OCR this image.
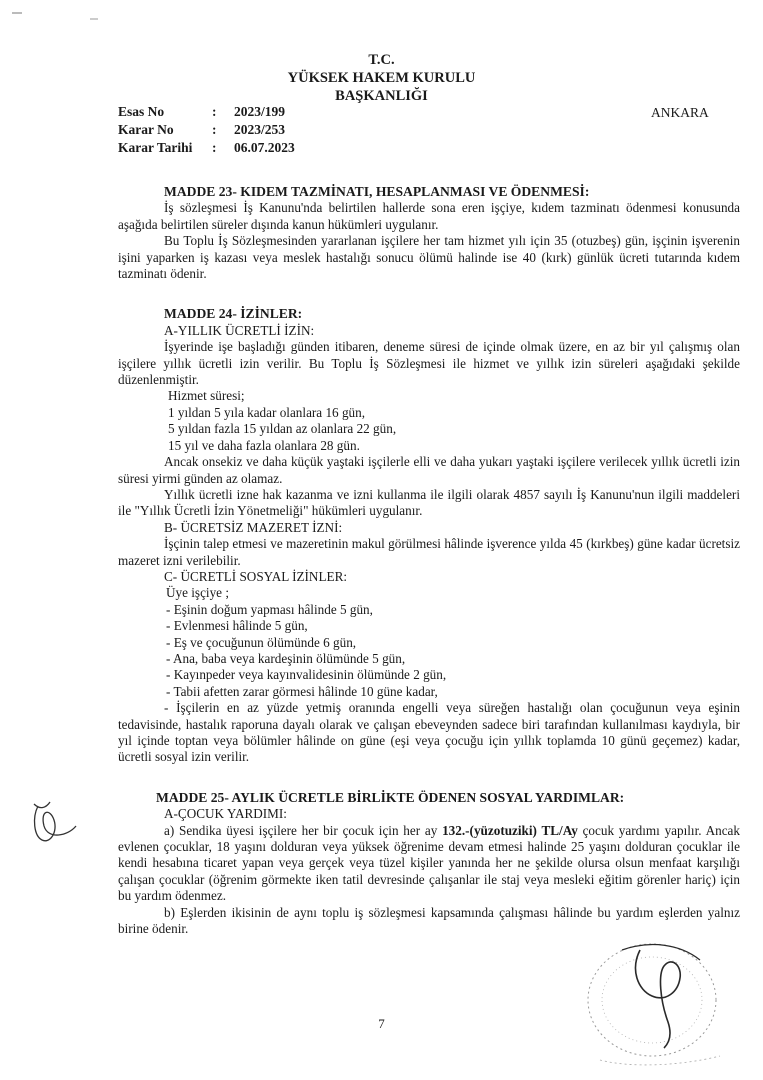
T.C.
YÜKSEK HAKEM KURULU
BAŞKANLIĞI
Esas No	: 2023/199
Karar No	: 2023/253
Karar Tarihi : 06.07.2023
ANKARA

MADDE 23- KIDEM TAZMİNATI, HESAPLANMASI VE ÖDENMESİ:

İş sözleşmesi İş Kanunu'nda belirtilen hallerde sona eren işçiye, kıdem tazminatı ödenmesi konusunda aşağıda belirtilen süreler dışında kanun hükümleri uygulanır.

Bu Toplu İş Sözleşmesinden yararlanan işçilere her tam hizmet yılı için 35 (otuzbeş) gün, işçinin işverenin işini yaparken iş kazası veya meslek hastalığı sonucu ölümü halinde ise 40 (kırk) günlük ücreti tutarında kıdem tazminatı ödenir.

MADDE 24- İZİNLER:

A-YILLIK ÜCRETLİ İZİN:

İşyerinde işe başladığı günden itibaren, deneme süresi de içinde olmak üzere, en az bir yıl çalışmış olan işçilere yıllık ücretli izin verilir. Bu Toplu İş Sözleşmesi ile hizmet ve yıllık izin süreleri aşağıdaki şekilde düzenlenmiştir.

Hizmet süresi;

1 yıldan 5 yıla kadar olanlara 16 gün,

5 yıldan fazla 15 yıldan az olanlara 22 gün,

15 yıl ve daha fazla olanlara 28 gün.

Ancak onsekiz ve daha küçük yaştaki işçilerle elli ve daha yukarı yaştaki işçilere verilecek yıllık ücretli izin süresi yirmi günden az olamaz.

Yıllık ücretli izne hak kazanma ve izni kullanma ile ilgili olarak 4857 sayılı İş Kanunu'nun ilgili maddeleri ile "Yıllık Ücretli İzin Yönetmeliği" hükümleri uygulanır.

B- ÜCRETSİZ MAZERET İZNİ:

İşçinin talep etmesi ve mazeretinin makul görülmesi hâlinde işverence yılda 45 (kırkbeş) güne kadar ücretsiz mazeret izni verilebilir.

C- ÜCRETLİ SOSYAL İZİNLER:

Üye işçiye ;

- Eşinin doğum yapması hâlinde 5 gün,

- Evlenmesi hâlinde 5 gün,

- Eş ve çocuğunun ölümünde 6 gün,

- Ana, baba veya kardeşinin ölümünde 5 gün,

- Kayınpeder veya kayınvalidesinin ölümünde 2 gün,

- Tabii afetten zarar görmesi hâlinde 10 güne kadar,

- İşçilerin en az yüzde yetmiş oranında engelli veya süreğen hastalığı olan çocuğunun veya eşinin tedavisinde, hastalık raporuna dayalı olarak ve çalışan ebeveynden sadece biri tarafından kullanılması kaydıyla, bir yıl içinde toptan veya bölümler hâlinde on güne (eşi veya çocuğu için yıllık toplamda 10 günü geçemez) kadar, ücretli sosyal izin verilir.

MADDE 25- AYLIK ÜCRETLE BİRLİKTE ÖDENEN SOSYAL YARDIMLAR:

A-ÇOCUK YARDIMI:

a) Sendika üyesi işçilere her bir çocuk için her ay 132.-(yüzotuziki) TL/Ay çocuk yardımı yapılır. Ancak evlenen çocuklar, 18 yaşını dolduran veya yüksek öğrenime devam etmesi halinde 25 yaşını dolduran çocuklar ile kendi hesabına ticaret yapan veya gerçek veya tüzel kişiler yanında her ne şekilde olursa olsun menfaat karşılığı çalışan çocuklar (öğrenim görmekte iken tatil devresinde çalışanlar ile staj veya mesleki eğitim görenler hariç) için bu yardım ödenmez.

b) Eşlerden ikisinin de aynı toplu iş sözleşmesi kapsamında çalışması hâlinde bu yardım eşlerden yalnız birine ödenir.

7
